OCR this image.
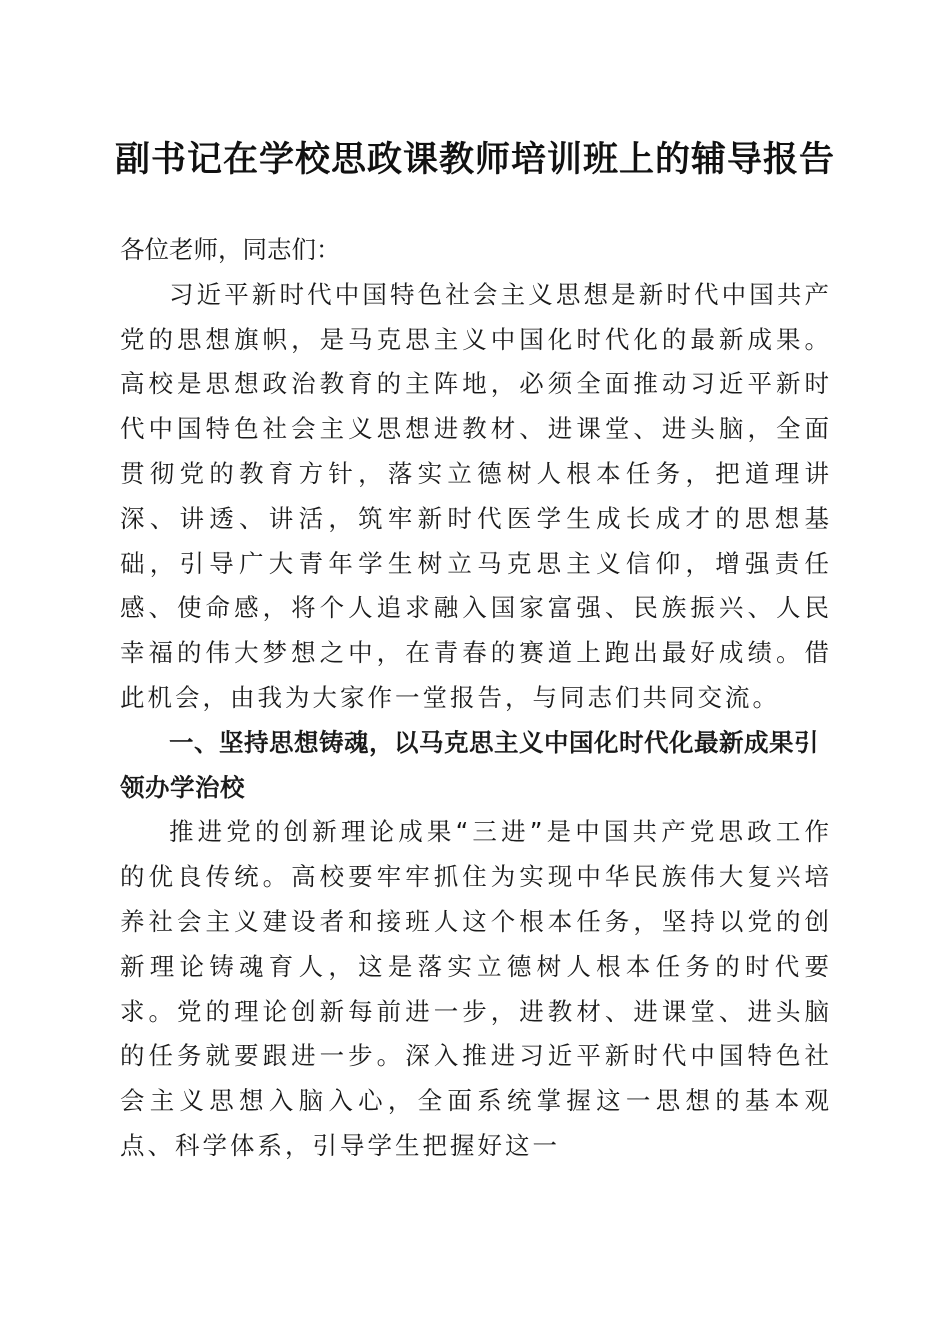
副书记在学校思政课教师培训班上的辅导报告

各位老师，同志们：

习近平新时代中国特色社会主义思想是新时代中国共产党的思想旗帜，是马克思主义中国化时代化的最新成果。高校是思想政治教育的主阵地，必须全面推动习近平新时代中国特色社会主义思想进教材、进课堂、进头脑，全面贯彻党的教育方针，落实立德树人根本任务，把道理讲深、讲透、讲活，筑牢新时代医学生成长成才的思想基础，引导广大青年学生树立马克思主义信仰，增强责任感、使命感，将个人追求融入国家富强、民族振兴、人民幸福的伟大梦想之中，在青春的赛道上跑出最好成绩。借此机会，由我为大家作一堂报告，与同志们共同交流。

一、坚持思想铸魂，以马克思主义中国化时代化最新成果引领办学治校

推进党的创新理论成果“三进”是中国共产党思政工作的优良传统。高校要牢牢抓住为实现中华民族伟大复兴培养社会主义建设者和接班人这个根本任务，坚持以党的创新理论铸魂育人，这是落实立德树人根本任务的时代要求。党的理论创新每前进一步，进教材、进课堂、进头脑的任务就要跟进一步。深入推进习近平新时代中国特色社会主义思想入脑入心，全面系统掌握这一思想的基本观点、科学体系，引导学生把握好这一
